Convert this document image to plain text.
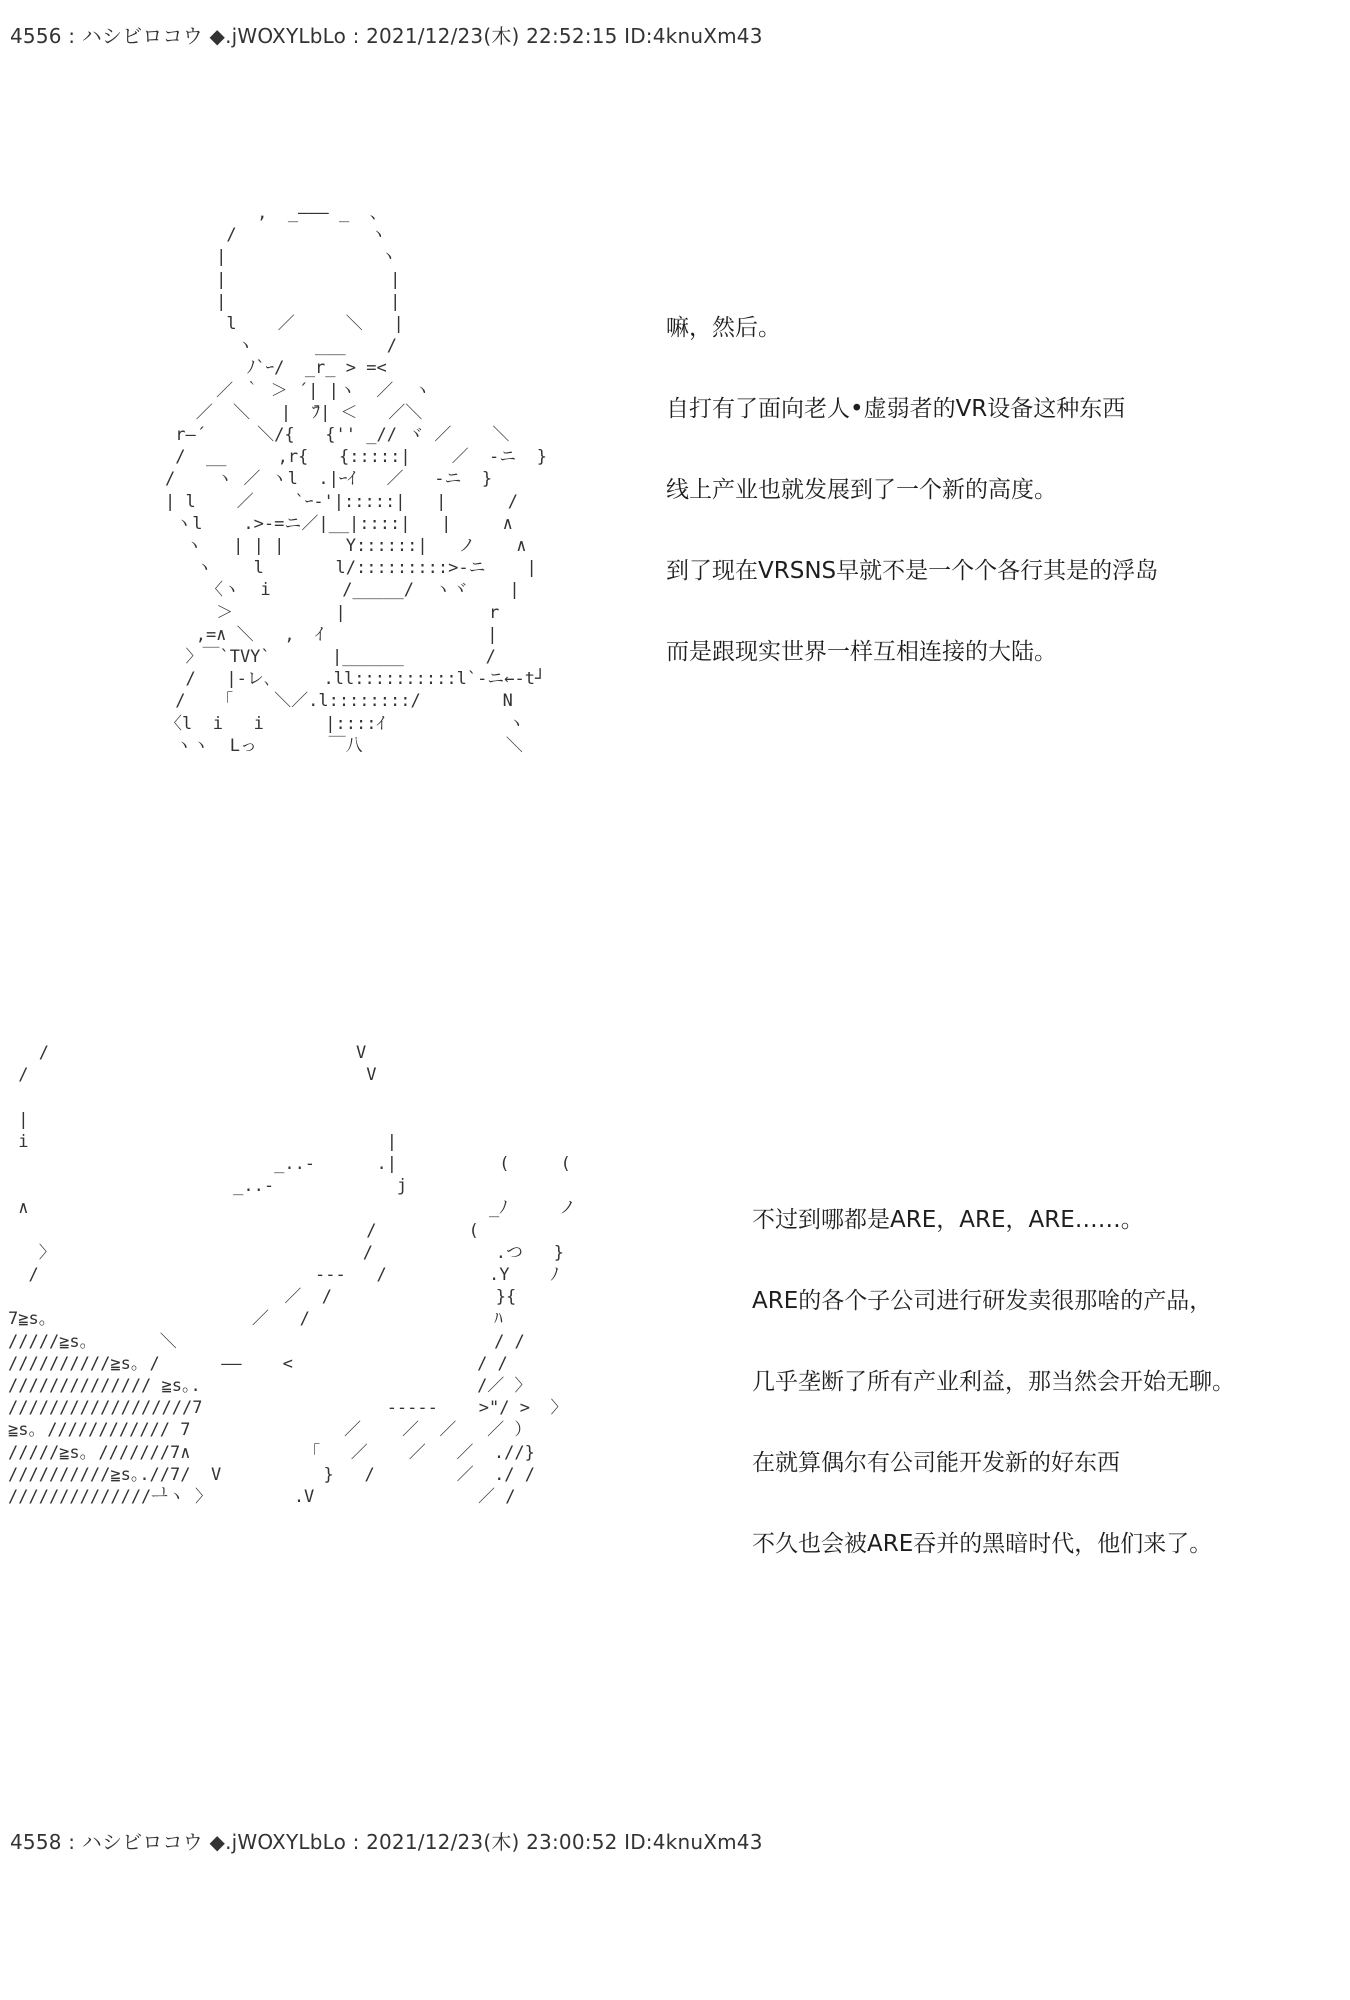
4556 : ハシビロコウ ◆.jWOXYLbLo : 2021/12/23(木) 22:52:15 ID:4knuXm43
,  _――― _  、
/             ヽ
|               ヽ
|                |
|                |
l    ／     ＼   |
ヽ      ___    /
ﾉ`ｰ/  _r_ > =<
／ ｀ ＞ ´| |ヽ  ／  ヽ
／  ＼   |  ̄ﾌ| ＜   ／＼
r―´     ＼/{   {'' _// ヾ ／    ＼
/  __     ,r{   {:::::|    ／  -ニ  }
/    ヽ ／ ヽl  .|ｰｲ   ／   -ニ  }
| l    ／    `ｰ-'|:::::|   |      /
ヽl    .>-=ニ／|__|::::|   |     ∧
ヽ   | | |      Y::::::|   ノ    ∧
ヽ    l       l/:::::::::>-ニ    |
〈ヽ  i       /_____/  ヽヾ    |
＞          |              r
,=∧ ＼   ,  ｲ                |
〉￣`TVY`      |______        /
/   |-レ､     .ll::::::::::l`-ニ←-t┘
/   「    ＼／.l::::::::/        N
〈l  i   i      |::::ｲ            ヽ
ヽヽ  Lっ       ￣八              ＼
嘛，然后。
自打有了面向老人•虚弱者的VR设备这种东西
线上产业也就发展到了一个新的高度。
到了现在VRSNS早就不是一个个各行其是的浮岛
而是跟现实世界一样互相连接的大陆。
/                              V
/                                 V

|
i                                   |
_..-      .|          (     (
_..-            j
∧                                             _ﾉ     ノ
/         (
〉                              /            .つ   }
/                           ---   /          .Y    ﾉ
／  /                }{
7≧s｡                    ／   /                  ﾊ
/////≧s｡       ＼                               / /
//////////≧s｡ /      ――    <                  / /
////////////// ≧s｡.                           /／ 〉
//////////////////7                  -----    >"/ >  〉
≧s｡ //////////// 7               ／    ／  ／   ／ ）
/////≧s｡ ///////7∧           「   ／    ／   ／  .//}
//////////≧s｡.//7/  V          }   /        ／  ./ /
//////////////ᆜヽ 〉        .V                ／ /
不过到哪都是ARE，ARE，ARE……。
ARE的各个子公司进行研发卖很那啥的产品，
几乎垄断了所有产业利益，那当然会开始无聊。
在就算偶尔有公司能开发新的好东西
不久也会被ARE吞并的黑暗时代，他们来了。
4558 : ハシビロコウ ◆.jWOXYLbLo : 2021/12/23(木) 23:00:52 ID:4knuXm43
